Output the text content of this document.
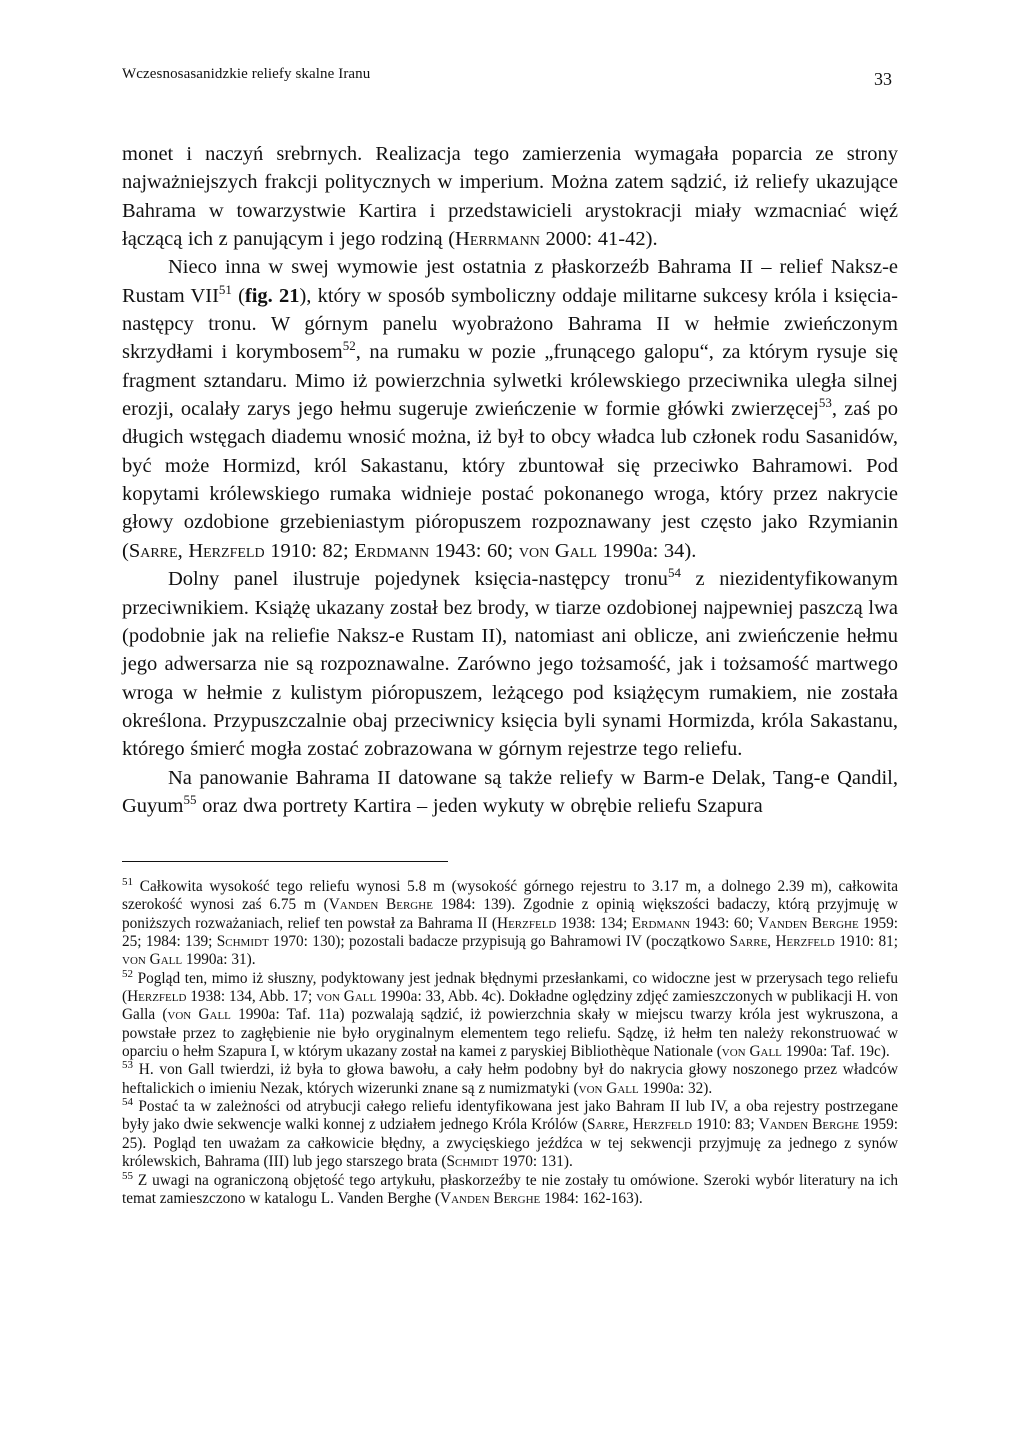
Wczesnosasanidzkie reliefy skalne Iranu	33

monet i naczyń srebrnych. Realizacja tego zamierzenia wymagała poparcia ze strony najważniejszych frakcji politycznych w imperium. Można zatem sądzić, iż reliefy ukazujące Bahrama w towarzystwie Kartira i przedstawicieli arystokracji miały wzmacniać więź łączącą ich z panującym i jego rodziną (Herrmann 2000: 41-42).

Nieco inna w swej wymowie jest ostatnia z płaskorzeźb Bahrama II – relief Naksz-e Rustam VII$^{51}$ (fig. 21), który w sposób symboliczny oddaje militarne sukcesy króla i księcia-następcy tronu. W górnym panelu wyobrażono Bahrama II w hełmie zwieńczonym skrzydłami i korymbosem$^{52}$, na rumaku w pozie „frunącego galopu“, za którym rysuje się fragment sztandaru. Mimo iż powierzchnia sylwetki królewskiego przeciwnika uległa silnej erozji, ocalały zarys jego hełmu sugeruje zwieńczenie w formie główki zwierzęcej$^{53}$, zaś po długich wstęgach diademu wnosić można, iż był to obcy władca lub członek rodu Sasanidów, być może Hormizd, król Sakastanu, który zbuntował się przeciwko Bahramowi. Pod kopytami królewskiego rumaka widnieje postać pokonanego wroga, który przez nakrycie głowy ozdobione grzebieniastym pióropuszem rozpoznawany jest często jako Rzymianin (Sarre, Herzfeld 1910: 82; Erdmann 1943: 60; von Gall 1990a: 34).

Dolny panel ilustruje pojedynek księcia-następcy tronu$^{54}$ z niezidentyfikowanym przeciwnikiem. Książę ukazany został bez brody, w tiarze ozdobionej najpewniej paszczą lwa (podobnie jak na reliefie Naksz-e Rustam II), natomiast ani oblicze, ani zwieńczenie hełmu jego adwersarza nie są rozpoznawalne. Zarówno jego tożsamość, jak i tożsamość martwego wroga w hełmie z kulistym pióropuszem, leżącego pod książęcym rumakiem, nie została określona. Przypuszczalnie obaj przeciwnicy księcia byli synami Hormizda, króla Sakastanu, którego śmierć mogła zostać zobrazowana w górnym rejestrze tego reliefu.

Na panowanie Bahrama II datowane są także reliefy w Barm-e Delak, Tang-e Qandil, Guyum$^{55}$ oraz dwa portrety Kartira – jeden wykuty w obrębie reliefu Szapura

$^{51}$ Całkowita wysokość tego reliefu wynosi 5.8 m (wysokość górnego rejestru to 3.17 m, a dolnego 2.39 m), całkowita szerokość wynosi zaś 6.75 m (Vanden Berghe 1984: 139). Zgodnie z opinią większości badaczy, którą przyjmuję w poniższych rozważaniach, relief ten powstał za Bahrama II (Herzfeld 1938: 134; Erdmann 1943: 60; Vanden Berghe 1959: 25; 1984: 139; Schmidt 1970: 130); pozostali badacze przypisują go Bahramowi IV (początkowo Sarre, Herzfeld 1910: 81; von Gall 1990a: 31).

$^{52}$ Pogląd ten, mimo iż słuszny, podyktowany jest jednak błędnymi przesłankami, co widoczne jest w przerysach tego reliefu (Herzfeld 1938: 134, Abb. 17; von Gall 1990a: 33, Abb. 4c). Dokładne oględziny zdjęć zamieszczonych w publikacji H. von Galla (von Gall 1990a: Taf. 11a) pozwalają sądzić, iż powierzchnia skały w miejscu twarzy króla jest wykruszona, a powstałe przez to zagłębienie nie było oryginalnym elementem tego reliefu. Sądzę, iż hełm ten należy rekonstruować w oparciu o hełm Szapura I, w którym ukazany został na kamei z paryskiej Bibliothèque Nationale (von Gall 1990a: Taf. 19c).

$^{53}$ H. von Gall twierdzi, iż była to głowa bawołu, a cały hełm podobny był do nakrycia głowy noszonego przez władców heftalickich o imieniu Nezak, których wizerunki znane są z numizmatyki (von Gall 1990a: 32).

$^{54}$ Postać ta w zależności od atrybucji całego reliefu identyfikowana jest jako Bahram II lub IV, a oba rejestry postrzegane były jako dwie sekwencje walki konnej z udziałem jednego Króla Królów (Sarre, Herzfeld 1910: 83; Vanden Berghe 1959: 25). Pogląd ten uważam za całkowicie błędny, a zwycięskiego jeźdźca w tej sekwencji przyjmuję za jednego z synów królewskich, Bahrama (III) lub jego starszego brata (Schmidt 1970: 131).

$^{55}$ Z uwagi na ograniczoną objętość tego artykułu, płaskorzeźby te nie zostały tu omówione. Szeroki wybór literatury na ich temat zamieszczono w katalogu L. Vanden Berghe (Vanden Berghe 1984: 162-163).
